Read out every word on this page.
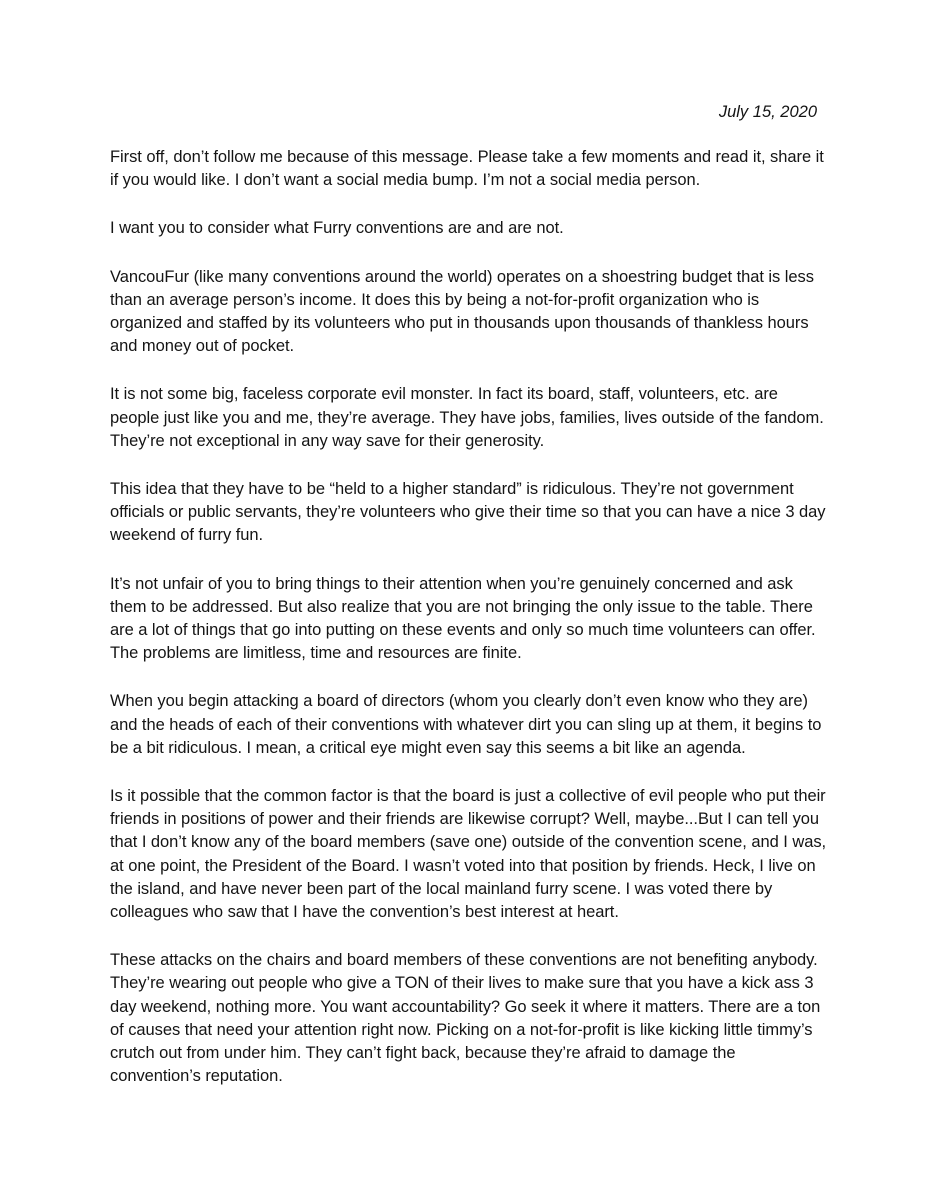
July 15, 2020

First off, don’t follow me because of this message. Please take a few moments and read it, share it if you would like. I don’t want a social media bump. I’m not a social media person.

I want you to consider what Furry conventions are and are not.

VancouFur (like many conventions around the world) operates on a shoestring budget that is less than an average person’s income. It does this by being a not-for-profit organization who is organized and staffed by its volunteers who put in thousands upon thousands of thankless hours and money out of pocket.

It is not some big, faceless corporate evil monster. In fact its board, staff, volunteers, etc. are people just like you and me, they’re average. They have jobs, families, lives outside of the fandom. They’re not exceptional in any way save for their generosity.

This idea that they have to be “held to a higher standard” is ridiculous. They’re not government officials or public servants, they’re volunteers who give their time so that you can have a nice 3 day weekend of furry fun.

It’s not unfair of you to bring things to their attention when you’re genuinely concerned and ask them to be addressed. But also realize that you are not bringing the only issue to the table. There are a lot of things that go into putting on these events and only so much time volunteers can offer. The problems are limitless, time and resources are finite.

When you begin attacking a board of directors (whom you clearly don’t even know who they are) and the heads of each of their conventions with whatever dirt you can sling up at them, it begins to be a bit ridiculous. I mean, a critical eye might even say this seems a bit like an agenda.

Is it possible that the common factor is that the board is just a collective of evil people who put their friends in positions of power and their friends are likewise corrupt? Well, maybe...But I can tell you that I don’t know any of the board members (save one) outside of the convention scene, and I was, at one point, the President of the Board. I wasn’t voted into that position by friends. Heck, I live on the island, and have never been part of the local mainland furry scene. I was voted there by colleagues who saw that I have the convention’s best interest at heart.

These attacks on the chairs and board members of these conventions are not benefiting anybody. They’re wearing out people who give a TON of their lives to make sure that you have a kick ass 3 day weekend, nothing more. You want accountability? Go seek it where it matters. There are a ton of causes that need your attention right now. Picking on a not-for-profit is like kicking little timmy’s crutch out from under him. They can’t fight back, because they’re afraid to damage the convention’s reputation.
